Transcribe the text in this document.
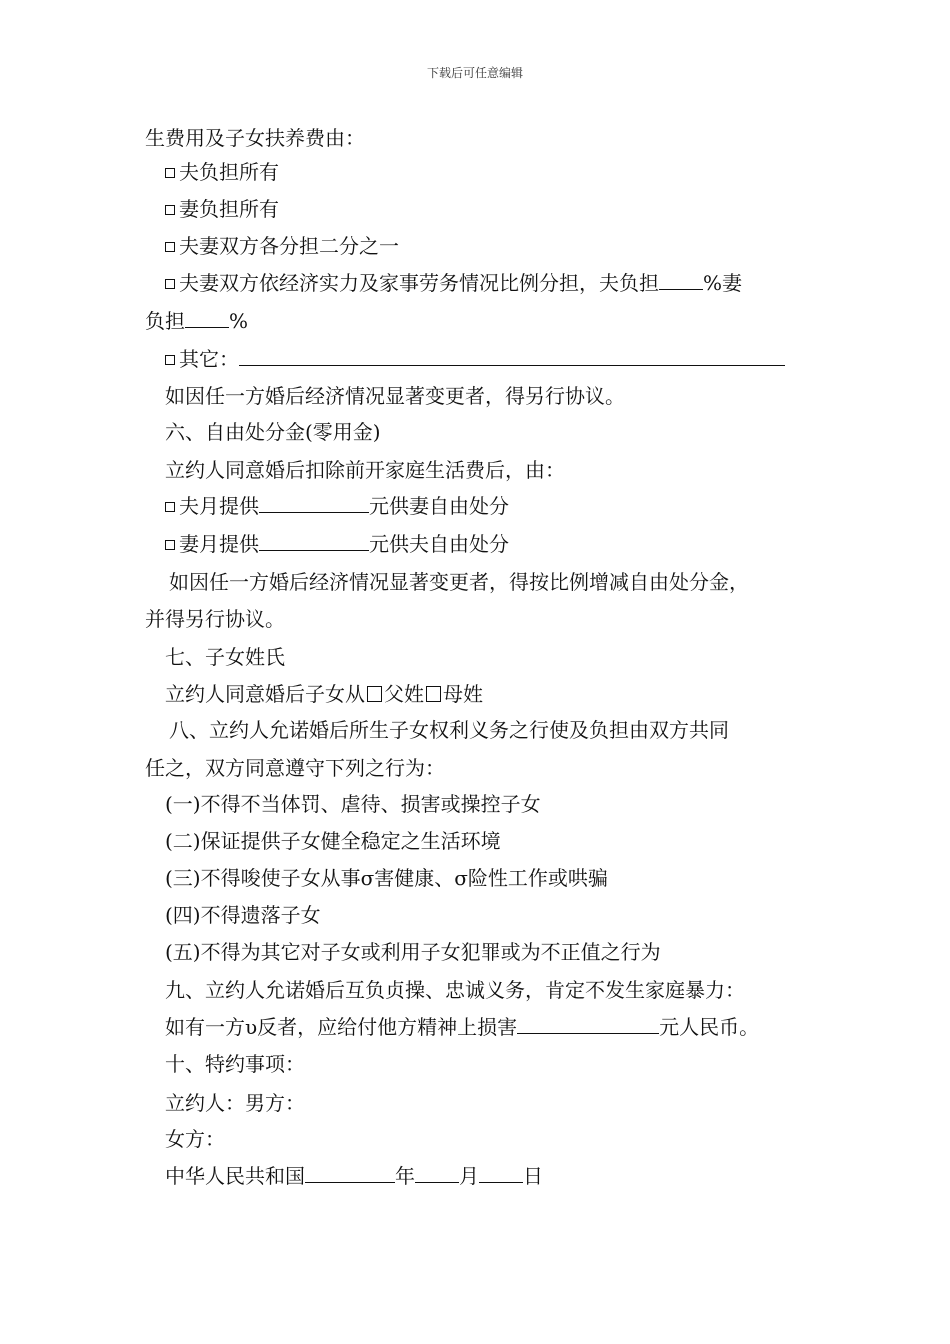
下载后可任意编辑
生费用及子女扶养费由：
夫负担所有
妻负担所有
夫妻双方各分担二分之一
夫妻双方依经济实力及家事劳务情况比例分担，夫负担 %妻
负担 %
其它：
如因任一方婚后经济情况显著变更者，得另行协议。
六、自由处分金(零用金)
立约人同意婚后扣除前开家庭生活费后，由：
夫月提供	元供妻自由处分
妻月提供	元供夫自由处分
如因任一方婚后经济情况显著变更者，得按比例增减自由处分金，
并得另行协议。
七、子女姓氏
立约人同意婚后子女从 父姓 母姓
八、立约人允诺婚后所生子女权利义务之行使及负担由双方共同
任之，双方同意遵守下列之行为：
(一)不得不当体罚、虐待、损害或操控子女
(二)保证提供子女健全稳定之生活环境
(三)不得唆使子女从事σ害健康、σ险性工作或哄骗
(四)不得遗落子女
(五)不得为其它对子女或利用子女犯罪或为不正值之行为
九、立约人允诺婚后互负贞操、忠诚义务，肯定不发生家庭暴力：
如有一方υ反者，应给付他方精神上损害	元人民币。
十、特约事项：
立约人：男方：
女方：
中华人民共和国	年 月 日
